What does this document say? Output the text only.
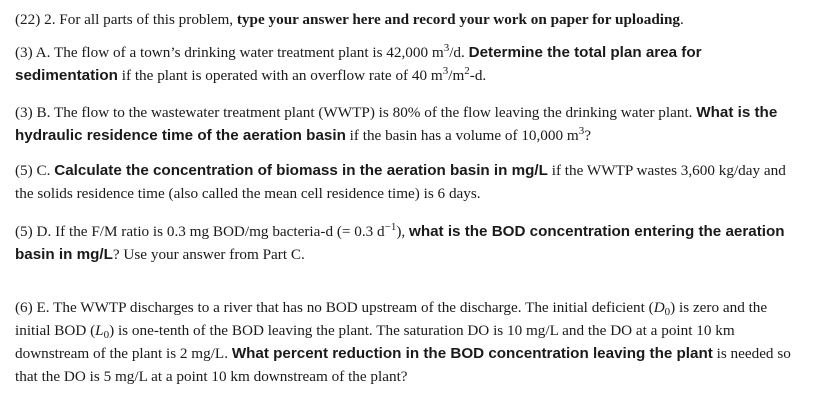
(22) 2. For all parts of this problem, type your answer here and record your work on paper for uploading.

(3) A. The flow of a town’s drinking water treatment plant is 42,000 $m^3/d$. Determine the total plan area for sedimentation if the plant is operated with an overflow rate of 40 $m^3/m^2-d$.

(3) B. The flow to the wastewater treatment plant (WWTP) is 80% of the flow leaving the drinking water plant. What is the hydraulic residence time of the aeration basin if the basin has a volume of 10,000 $m^3$?

(5) C. Calculate the concentration of biomass in the aeration basin in mg/L if the WWTP wastes 3,600 kg/day and the solids residence time (also called the mean cell residence time) is 6 days.

(5) D. If the F/M ratio is 0.3 mg BOD/mg bacteria-d (= 0.3 $d^{-1}$), what is the BOD concentration entering the aeration basin in mg/L? Use your answer from Part C.

(6) E. The WWTP discharges to a river that has no BOD upstream of the discharge. The initial deficient $(D_0)$ is zero and the initial BOD $(L_0)$ is one-tenth of the BOD leaving the plant. The saturation DO is 10 mg/L and the DO at a point 10 km downstream of the plant is 2 mg/L. What percent reduction in the BOD concentration leaving the plant is needed so that the DO is 5 mg/L at a point 10 km downstream of the plant?
